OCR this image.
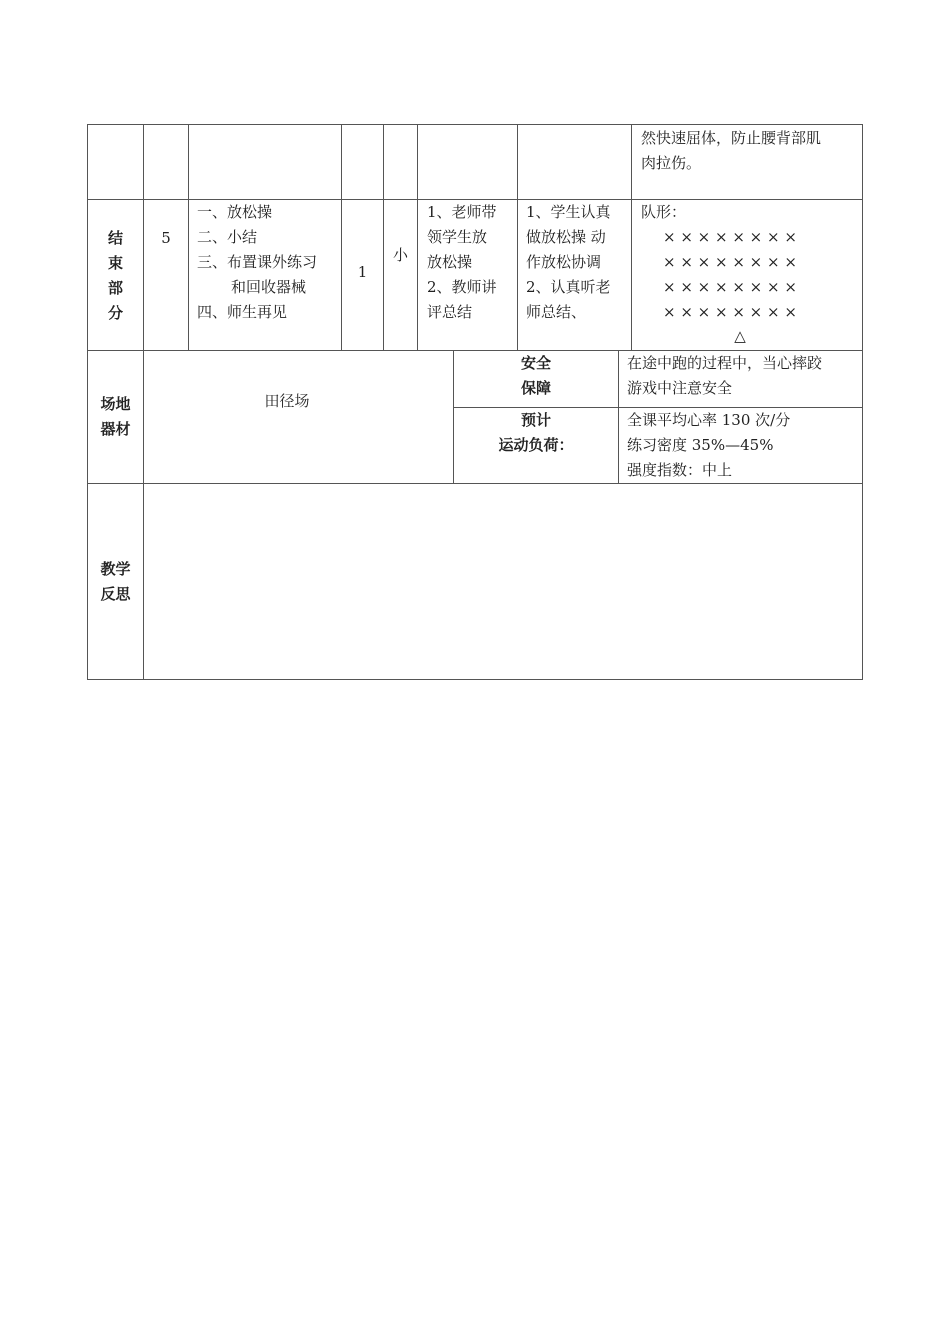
然快速屈体，防止腰背部肌
肉拉伤。
结
束
部
分
5
一、放松操
二、小结
三、布置课外练习
和回收器械
四、师生再见
1
小
1、老师带
领学生放
放松操
2、教师讲
评总结
1、学生认真
做放松操 动
作放松协调
2、认真听老
师总结、
队形：
× × × × × × × ×
× × × × × × × ×
× × × × × × × ×
× × × × × × × ×
△
场地
器材
田径场
安全
保障
在途中跑的过程中，当心摔跤
游戏中注意安全
预计
运动负荷：
全课平均心率 130 次/分
练习密度 35%—45%
强度指数：中上
教学
反思
